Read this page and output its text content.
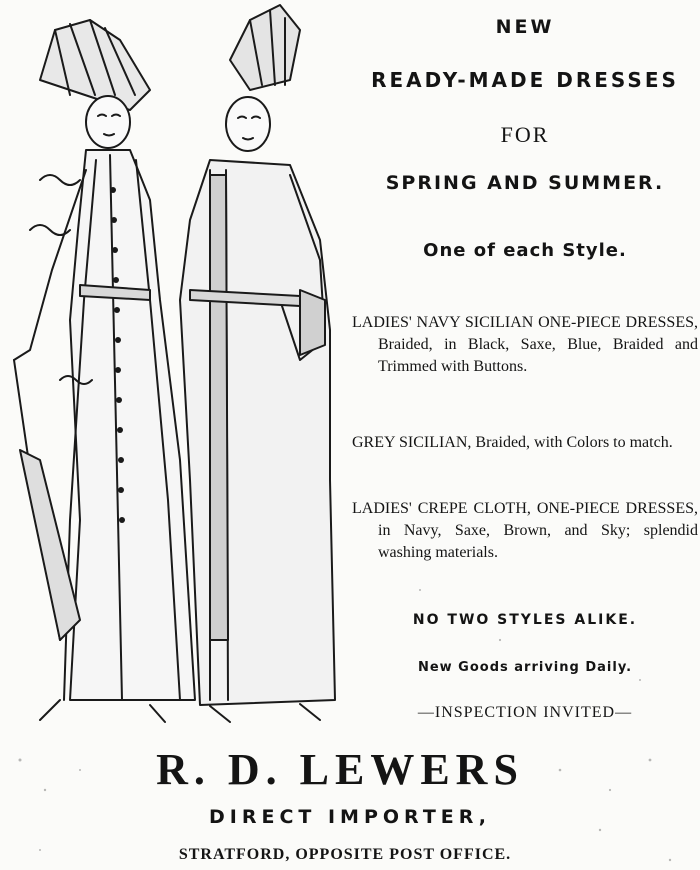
NEW
READY-MADE DRESSES
FOR
SPRING AND SUMMER.
One of each Style.
LADIES' NAVY SICILIAN ONE-PIECE DRESSES, Braided, in Black, Saxe, Blue, Braided and Trimmed with Buttons.
GREY SICILIAN, Braided, with Colors to match.
LADIES' CREPE CLOTH, ONE-PIECE DRESSES, in Navy, Saxe, Brown, and Sky; splendid washing materials.
NO TWO STYLES ALIKE.
New Goods arriving Daily.
—INSPECTION INVITED—
R. D. LEWERS
DIRECT IMPORTER,
STRATFORD, OPPOSITE POST OFFICE.
